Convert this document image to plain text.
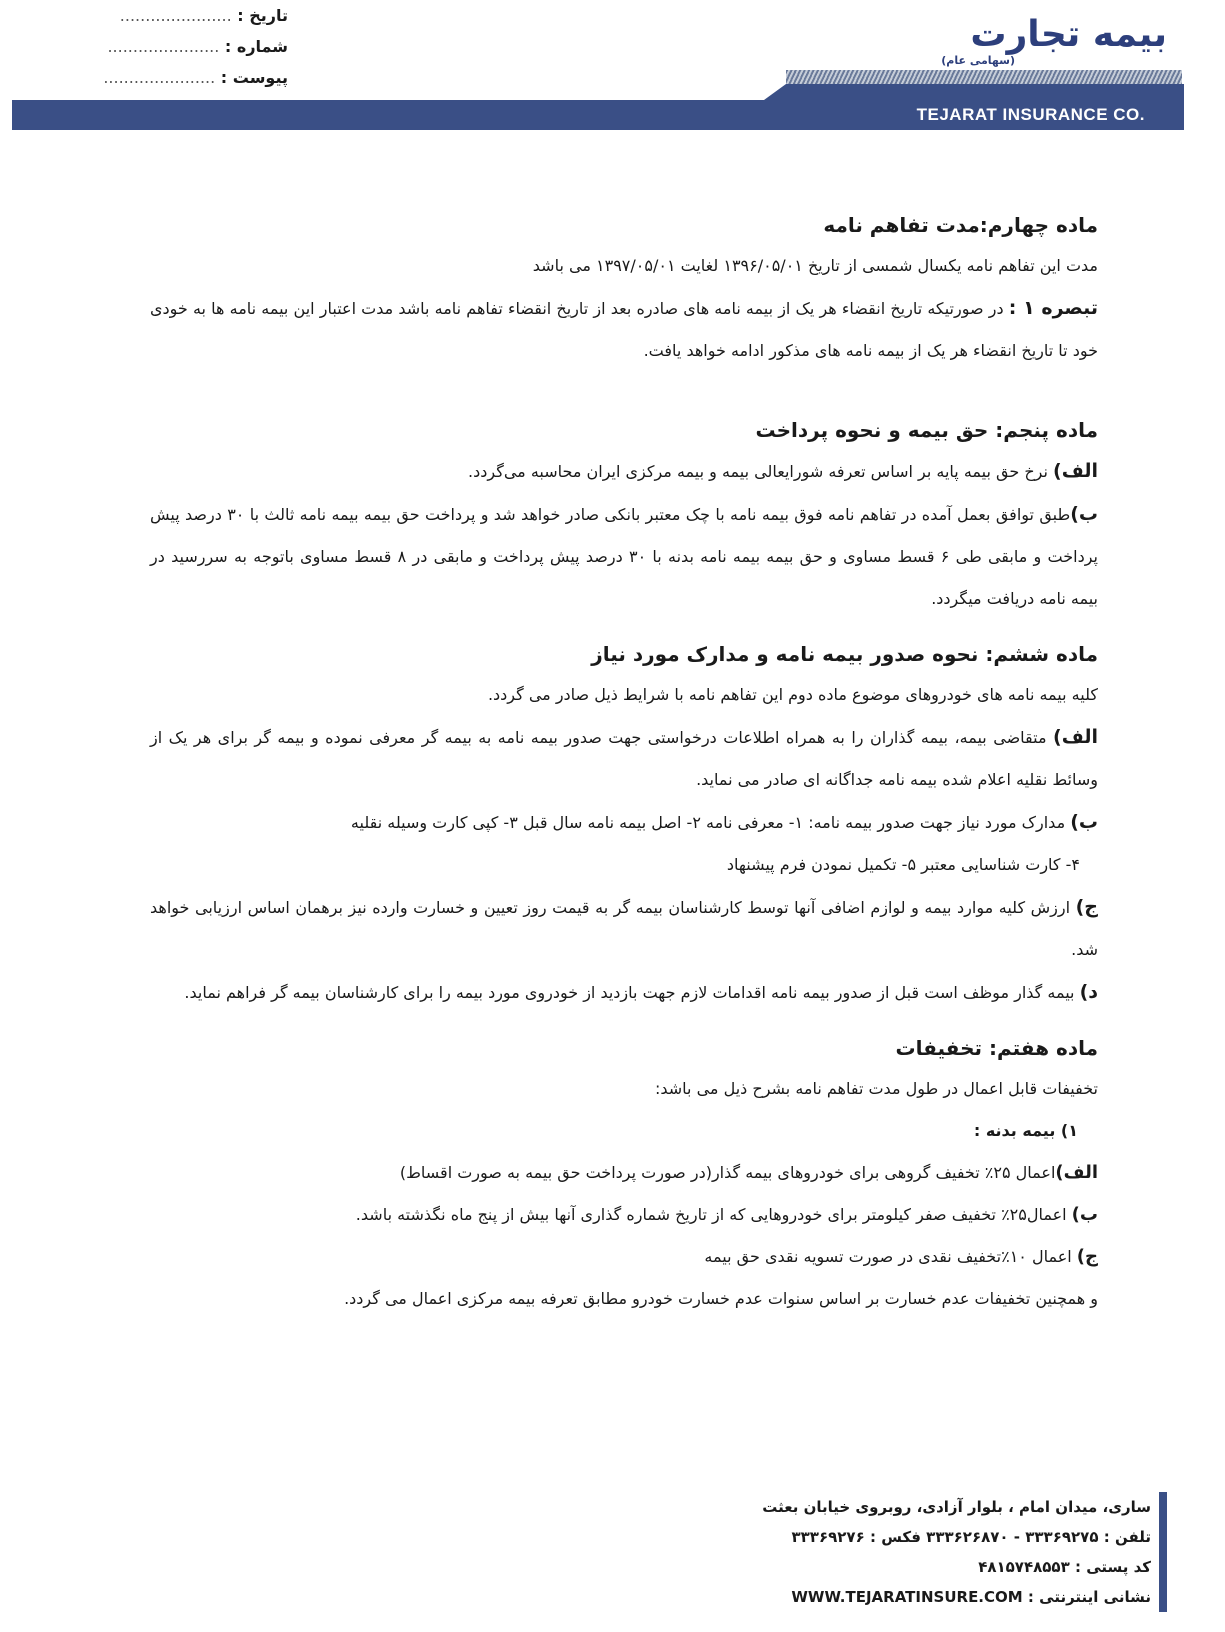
تاریخ : ......................
شماره : ......................
پیوست : ......................
بیمه تجارت
(سهامی عام)
TEJARAT INSURANCE CO.
ماده چهارم:مدت تفاهم نامه

مدت این تفاهم نامه یکسال شمسی از تاریخ ۱۳۹۶/۰۵/۰۱ لغایت ۱۳۹۷/۰۵/۰۱ می باشد

تبصره ۱ : در صورتیکه تاریخ انقضاء هر یک از بیمه نامه های صادره بعد از تاریخ انقضاء تفاهم نامه باشد مدت اعتبار این بیمه نامه ها به خودی خود تا تاریخ انقضاء هر یک از بیمه نامه های مذکور ادامه خواهد یافت.

ماده پنجم: حق بیمه و نحوه پرداخت

الف) نرخ حق بیمه پایه بر اساس تعرفه شورایعالی بیمه و بیمه مرکزی ایران محاسبه می‌گردد.

ب)طبق توافق بعمل آمده در تفاهم نامه فوق بیمه نامه با چک معتبر بانکی صادر خواهد شد و پرداخت حق بیمه بیمه نامه ثالث با ۳۰ درصد پیش پرداخت و مابقی طی ۶ قسط مساوی و حق بیمه بیمه نامه بدنه با ۳۰ درصد پیش پرداخت و مابقی در ۸ قسط مساوی باتوجه به سررسید در بیمه نامه دریافت میگردد.

ماده ششم: نحوه صدور بیمه نامه و مدارک مورد نیاز

کلیه بیمه نامه های خودروهای موضوع ماده دوم این تفاهم نامه با شرایط ذیل صادر می گردد.

الف) متقاضی بیمه، بیمه گذاران را به همراه اطلاعات درخواستی جهت صدور بیمه نامه به بیمه گر معرفی نموده و بیمه گر برای هر یک از وسائط نقلیه اعلام شده بیمه نامه جداگانه ای صادر می نماید.

ب) مدارک مورد نیاز جهت صدور بیمه نامه: ۱- معرفی نامه ۲- اصل بیمه نامه سال قبل ۳- کپی کارت وسیله نقلیه

۴- کارت شناسایی معتبر ۵- تکمیل نمودن فرم پیشنهاد

ج) ارزش کلیه موارد بیمه و لوازم اضافی آنها توسط کارشناسان بیمه گر به قیمت روز تعیین و خسارت وارده نیز برهمان اساس ارزیابی خواهد شد.

د) بیمه گذار موظف است قبل از صدور بیمه نامه اقدامات لازم جهت بازدید از خودروی مورد بیمه را برای کارشناسان بیمه گر فراهم نماید.

ماده هفتم: تخفیفات

تخفیفات قابل اعمال در طول مدت تفاهم نامه بشرح ذیل می باشد:

۱) بیمه بدنه :

الف)اعمال ۲۵٪ تخفیف گروهی برای خودروهای بیمه گذار(در صورت پرداخت حق بیمه به صورت اقساط)

ب) اعمال۲۵٪ تخفیف صفر کیلومتر برای خودروهایی که از تاریخ شماره گذاری آنها بیش از پنج ماه نگذشته باشد.

ج) اعمال ۱۰٪تخفیف نقدی در صورت تسویه نقدی حق بیمه

و همچنین تخفیفات عدم خسارت بر اساس سنوات عدم خسارت خودرو مطابق تعرفه بیمه مرکزی اعمال می گردد.

ساری، میدان امام ، بلوار آزادی، روبروی خیابان بعثت
تلفن : ۳۳۳۶۹۲۷۵ - ۳۳۳۶۲۶۸۷۰ فکس : ۳۳۳۶۹۲۷۶
کد پستی : ۴۸۱۵۷۴۸۵۵۳
نشانی اینترنتی : WWW.TEJARATINSURE.COM
